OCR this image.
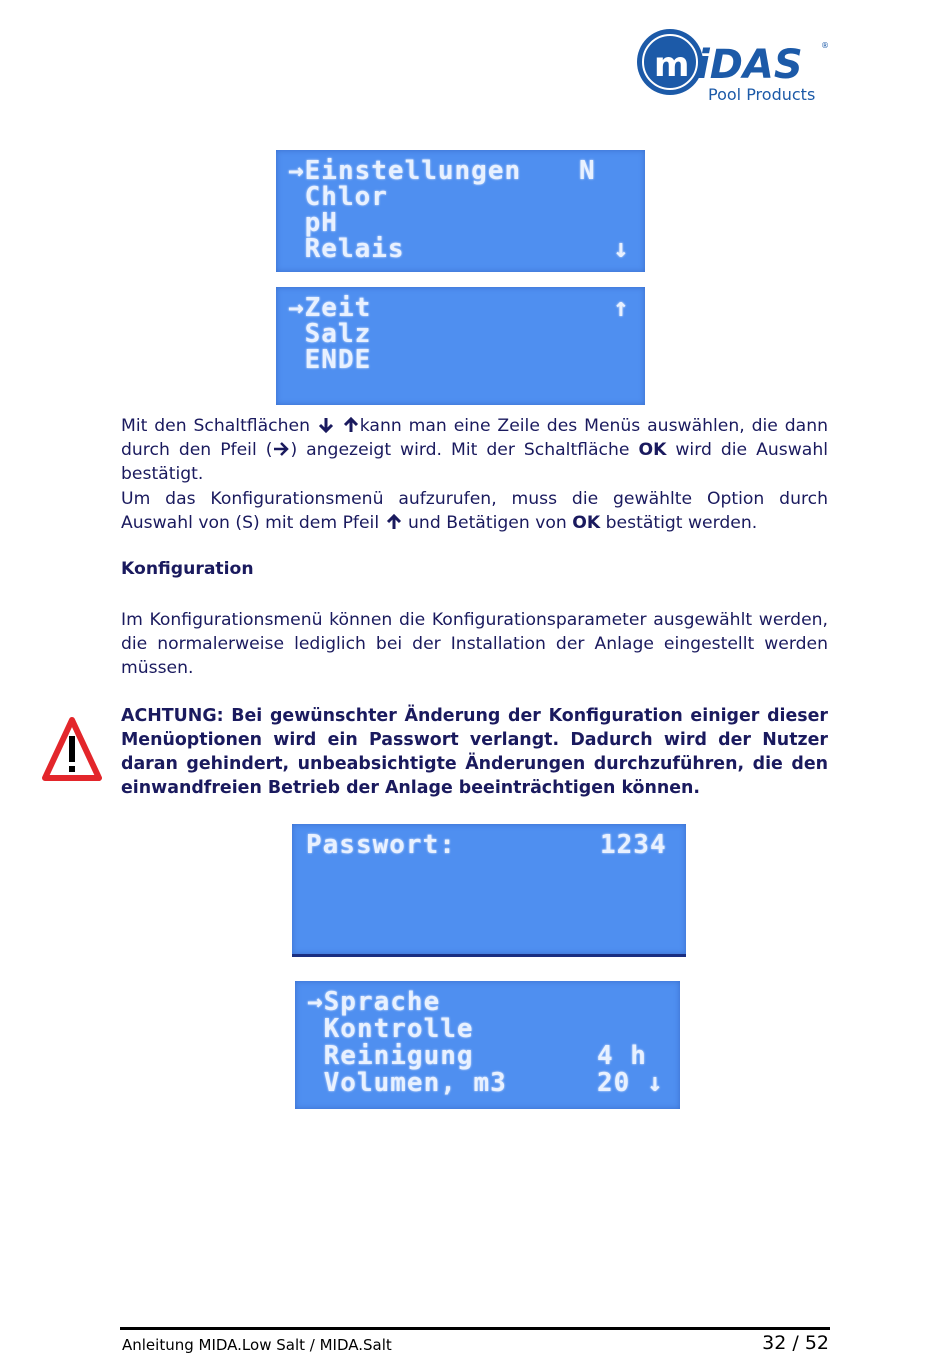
m iDAS ®
Pool Products
→Einstellungen
Chlor
pH
Relais
N
↓
→Zeit
Salz
ENDE
↑
Mit den Schaltflächen  kann man eine Zeile des Menüs auswählen, die dann durch den Pfeil ( ) angezeigt wird. Mit der Schaltfläche OK wird die Auswahl bestätigt.
Um das Konfigurationsmenü aufzurufen, muss die gewählte Option durch Auswahl von (S) mit dem Pfeil  und Betätigen von OK bestätigt werden.
Konfiguration
Im Konfigurationsmenü können die Konfigurationsparameter ausgewählt werden, die normalerweise lediglich bei der Installation der Anlage eingestellt werden müssen.
ACHTUNG: Bei gewünschter Änderung der Konfiguration einiger dieser Menüoptionen wird ein Passwort verlangt. Dadurch wird der Nutzer daran gehindert, unbeabsichtigte Änderungen durchzuführen, die den einwandfreien Betrieb der Anlage beeinträchtigen können.
Passwort:	1234
→Sprache
Kontrolle
Reinigung
Volumen, m3
4 h
20 ↓
Anleitung MIDA.Low Salt / MIDA.Salt	32 / 52
